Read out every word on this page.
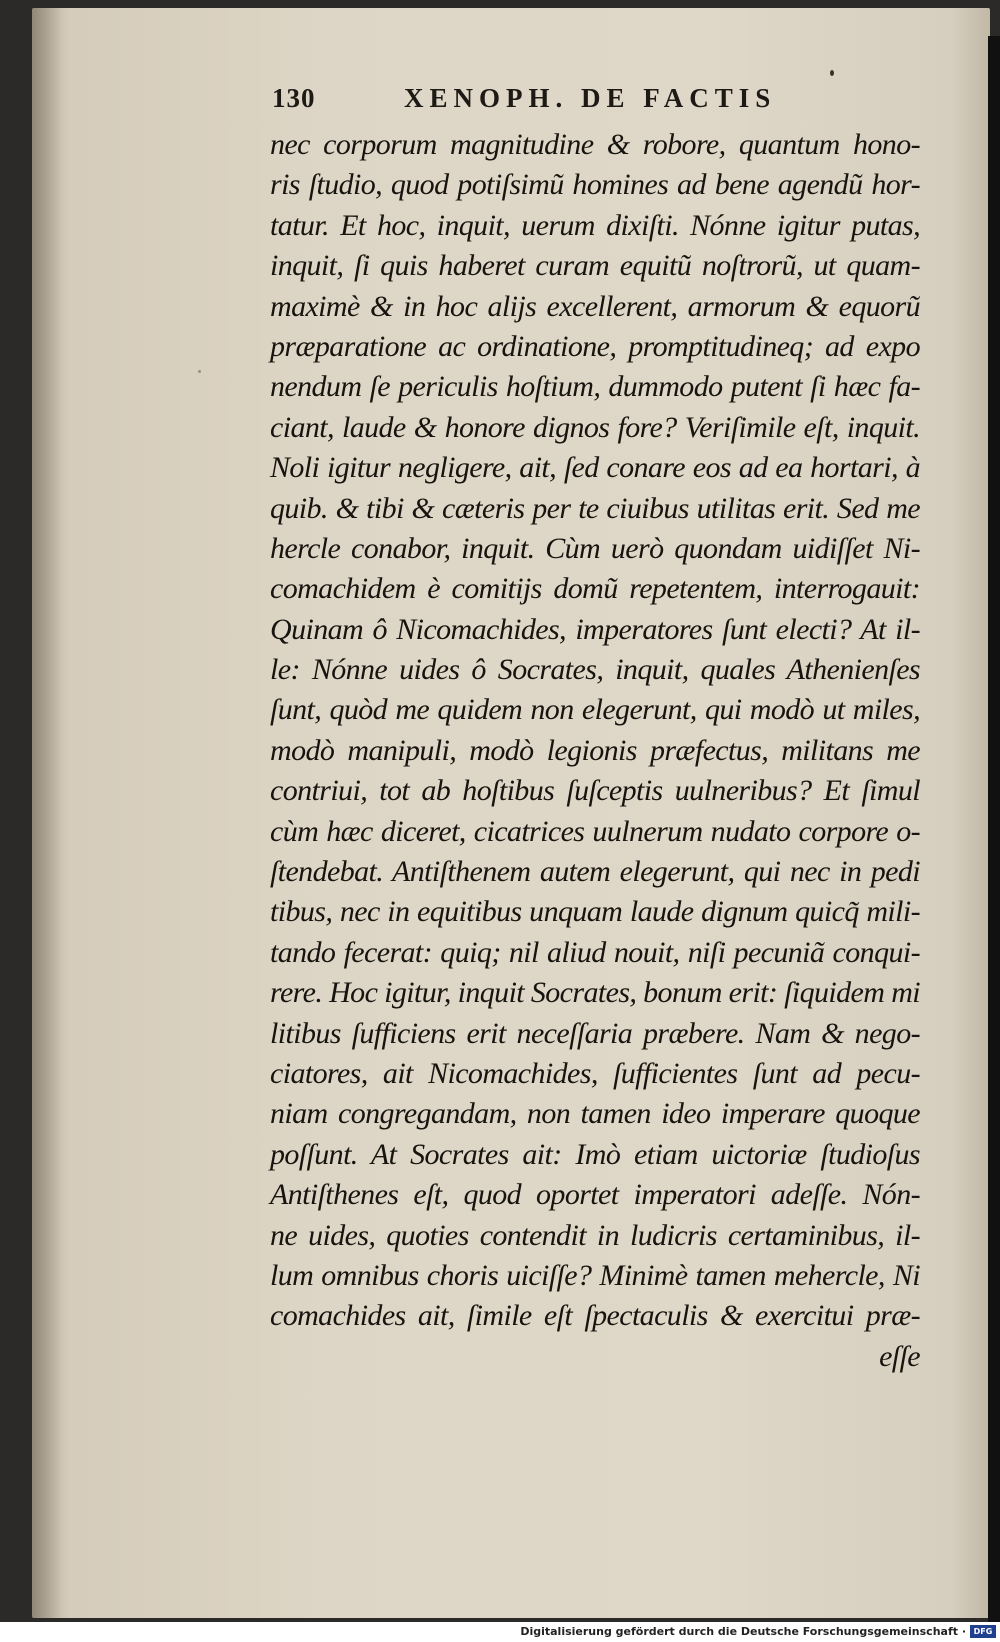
130	XENOPH. DE FACTIS
nec corporum magnitudine & robore, quantum hono-
ris ſtudio, quod potiſsimũ homines ad bene agendũ hor-
tatur. Et hoc, inquit, uerum dixiſti. Nónne igitur putas,
inquit, ſi quis haberet curam equitũ noſtrorũ, ut quam-
maximè & in hoc alijs excellerent, armorum & equorũ
præparatione ac ordinatione, promptitudineq; ad expo
nendum ſe periculis hoſtium, dummodo putent ſi hæc fa-
ciant, laude & honore dignos fore? Veriſimile eſt, inquit.
Noli igitur negligere, ait, ſed conare eos ad ea hortari, à
quib. & tibi & cæteris per te ciuibus utilitas erit. Sed me
hercle conabor, inquit. Cùm uerò quondam uidiſſet Ni-
comachidem è comitijs domũ repetentem, interrogauit:
Quinam ô Nicomachides, imperatores ſunt electi? At il-
le: Nónne uides ô Socrates, inquit, quales Athenienſes
ſunt, quòd me quidem non elegerunt, qui modò ut miles,
modò manipuli, modò legionis præfectus, militans me
contriui, tot ab hoſtibus ſuſceptis uulneribus? Et ſimul
cùm hæc diceret, cicatrices uulnerum nudato corpore o-
ſtendebat. Antiſthenem autem elegerunt, qui nec in pedi
tibus, nec in equitibus unquam laude dignum quicq̃ mili-
tando fecerat: quiq; nil aliud nouit, niſi pecuniã conqui-
rere. Hoc igitur, inquit Socrates, bonum erit: ſiquidem mi
litibus ſufficiens erit neceſſaria præbere. Nam & nego-
ciatores, ait Nicomachides, ſufficientes ſunt ad pecu-
niam congregandam, non tamen ideo imperare quoque
poſſunt. At Socrates ait: Imò etiam uictoriæ ſtudioſus
Antiſthenes eſt, quod oportet imperatori adeſſe. Nón-
ne uides, quoties contendit in ludicris certaminibus, il-
lum omnibus choris uiciſſe? Minimè tamen mehercle, Ni
comachides ait, ſimile eſt ſpectaculis & exercitui præ-
eſſe
Digitalisierung gefördert durch die Deutsche Forschungsgemeinschaft · DFG
